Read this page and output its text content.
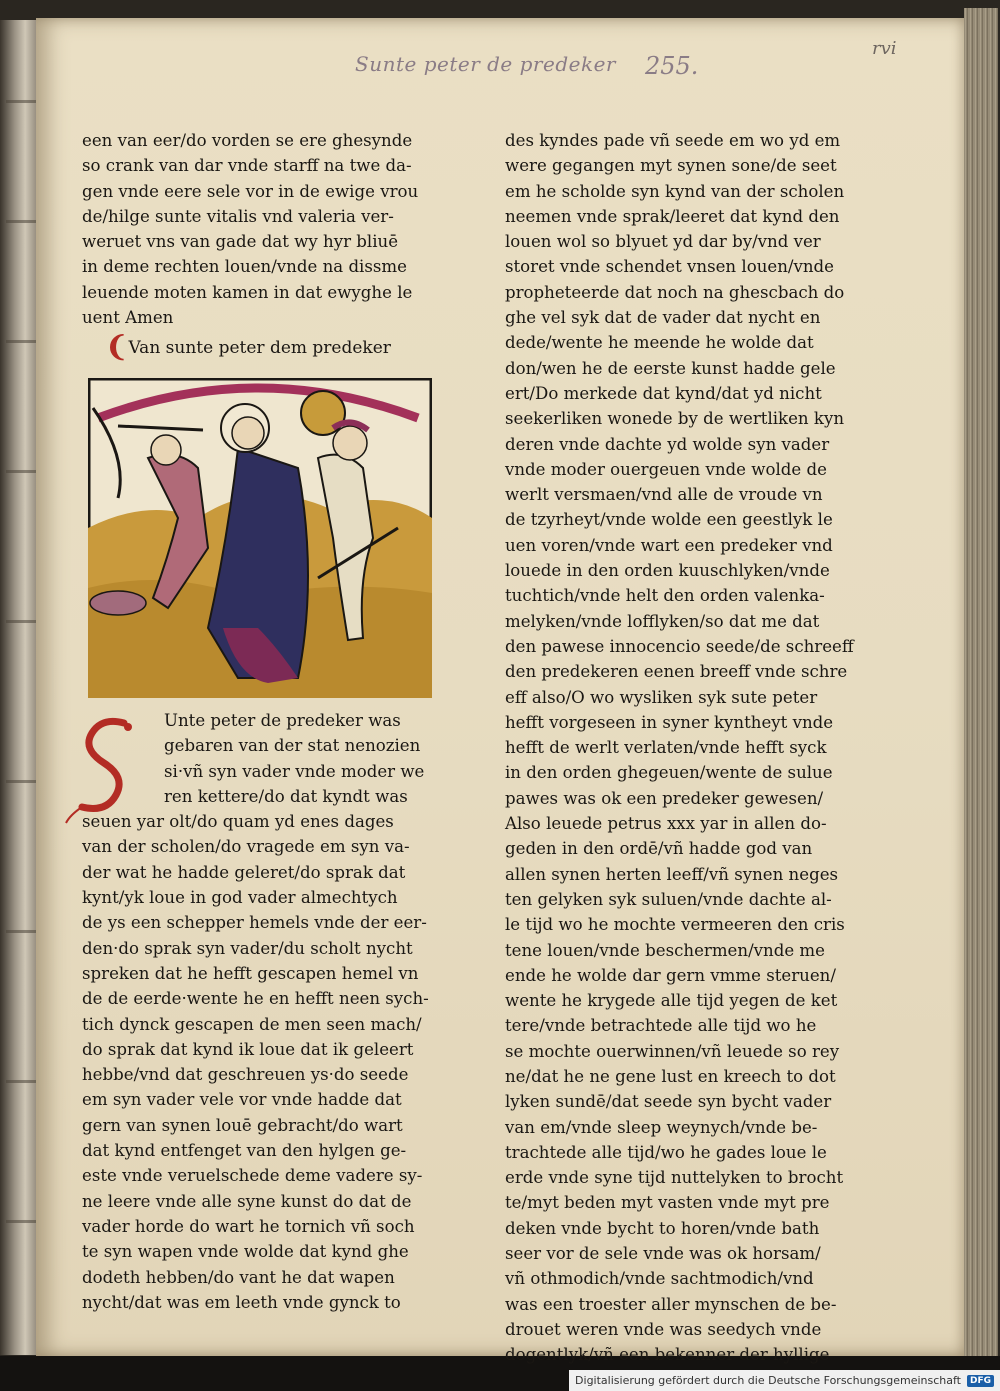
Sunte peter de predeker 255.
rvi
een van eer/do vorden se ere ghesynde
so crank van dar vnde starff na twe da-
gen vnde eere sele vor in de ewige vrou
de/hilge sunte vitalis vnd valeria ver-
weruet vns van gade dat wy hyr bliuē
in deme rechten louen/vnde na dissme
leuende moten kamen in dat ewyghe le
uent Amen
❨Van sunte peter dem predeker
Unte peter de predeker was
gebaren van der stat nenozien
si·vñ syn vader vnde moder we
ren kettere/do dat kyndt was
seuen yar olt/do quam yd enes dages
van der scholen/do vragede em syn va-
der wat he hadde geleret/do sprak dat
kynt/yk loue in god vader almechtych
de ys een schepper hemels vnde der eer-
den·do sprak syn vader/du scholt nycht
spreken dat he hefft gescapen hemel vn
de de eerde·wente he en hefft neen sych-
tich dynck gescapen de men seen mach/
do sprak dat kynd ik loue dat ik geleert
hebbe/vnd dat geschreuen ys·do seede
em syn vader vele vor vnde hadde dat
gern van synen louē gebracht/do wart
dat kynd entfenget van den hylgen ge-
este vnde veruelschede deme vadere sy-
ne leere vnde alle syne kunst do dat de
vader horde do wart he tornich vñ soch
te syn wapen vnde wolde dat kynd ghe
dodeth hebben/do vant he dat wapen
nycht/dat was em leeth vnde gynck to
des kyndes pade vñ seede em wo yd em
were gegangen myt synen sone/de seet
em he scholde syn kynd van der scholen
neemen vnde sprak/leeret dat kynd den
louen wol so blyuet yd dar by/vnd ver
storet vnde schendet vnsen louen/vnde
prophetеerde dat noch na ghescbach do
ghe vel syk dat de vader dat nycht en
dede/wente he meende he wolde dat
don/wen he de eerste kunst hadde gele
ert/Do merkede dat kynd/dat yd nicht
seekerliken wonede by de wertliken kyn
deren vnde dachte yd wolde syn vader
vnde moder ouergeuen vnde wolde de
werlt versmaen/vnd alle de vroude vn
de tzyrheyt/vnde wolde een geestlyk le
uen voren/vnde wart een predeker vnd
louede in den orden kuuschlyken/vnde
tuchtich/vnde helt den orden valenka-
melyken/vnde lofflyken/so dat me dat
den pawese innocencio seede/de schreeff
den predekeren eenen breeff vnde schre
eff also/O wo wysliken syk sute peter
hefft vorgeseen in syner kyntheyt vnde
hefft de werlt verlaten/vnde hefft syck
in den orden ghegeuen/wente de sulue
pawes was ok een predeker gewesen/
Also leuede petrus xxx yar in allen do-
geden in den ordē/vñ hadde god van
allen synen herten leeff/vñ synen neges
ten gelyken syk suluen/vnde dachte al-
le tijd wo he mochte vermeeren den cris
tene louen/vnde beschermen/vnde me
ende he wolde dar gern vmme steruen/
wente he krygede alle tijd yegen de ket
tere/vnde betrachtede alle tijd wo he
se mochte ouerwinnen/vñ leuede so rey
ne/dat he ne gene lust en kreech to dot
lyken sundē/dat seede syn bycht vader
van em/vnde sleep weynych/vnde be-
trachtede alle tijd/wo he gades loue le
erde vnde syne tijd nuttelyken to brocht
te/myt beden myt vasten vnde myt pre
deken vnde bycht to horen/vnde bath
seer vor de sele vnde was ok horsam/
vñ othmodich/vnde sachtmodich/vnd
was een troester aller mynschen de be-
drouet weren vnde was seedych vnde
dogentlyk/vñ een bekenner der hyllige
Digitalisierung gefördert durch die Deutsche Forschungsgemeinschaft	DFG
